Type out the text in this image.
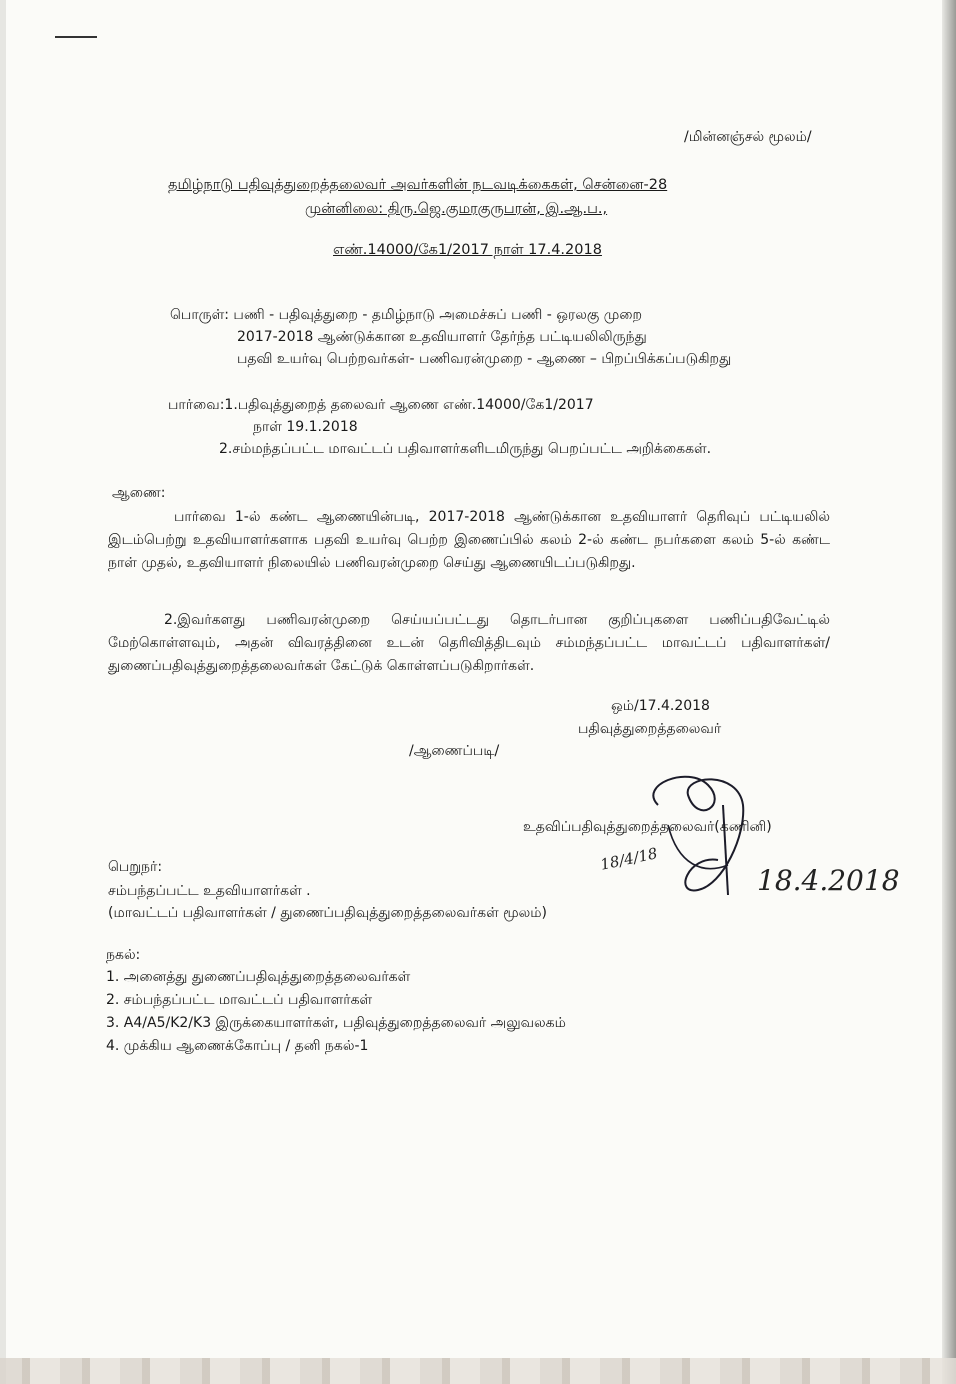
/மின்னஞ்சல் மூலம்/
தமிழ்நாடு பதிவுத்துறைத்தலைவர் அவர்களின் நடவடிக்கைகள், சென்னை-28
முன்னிலை: திரு.ஜெ.குமரகுருபரன், இ.ஆ.ப.,
எண்.14000/கே1/2017 நாள் 17.4.2018
பொருள்: பணி - பதிவுத்துறை - தமிழ்நாடு அமைச்சுப் பணி - ஒரலகு முறை
2017-2018 ஆண்டுக்கான உதவியாளர் தேர்ந்த பட்டியலிலிருந்து
பதவி உயர்வு பெற்றவர்கள்- பணிவரன்முறை - ஆணை – பிறப்பிக்கப்படுகிறது
பார்வை:1.பதிவுத்துறைத் தலைவர் ஆணை எண்.14000/கே1/2017
நாள் 19.1.2018
2.சம்மந்தப்பட்ட மாவட்டப் பதிவாளர்களிடமிருந்து பெறப்பட்ட அறிக்கைகள்.
ஆணை:
பார்வை 1-ல் கண்ட ஆணையின்படி, 2017-2018 ஆண்டுக்கான உதவியாளர் தெரிவுப் பட்டியலில் இடம்பெற்று உதவியாளர்களாக பதவி உயர்வு பெற்ற இணைப்பில் கலம் 2-ல் கண்ட நபர்களை கலம் 5-ல் கண்ட நாள் முதல், உதவியாளர் நிலையில் பணிவரன்முறை செய்து ஆணையிடப்படுகிறது.
2.இவர்களது பணிவரன்முறை செய்யப்பட்டது தொடர்பான குறிப்புகளை பணிப்பதிவேட்டில் மேற்கொள்ளவும், அதன் விவரத்தினை உடன் தெரிவித்திடவும் சம்மந்தப்பட்ட மாவட்டப் பதிவாளர்கள்/ துணைப்பதிவுத்துறைத்தலைவர்கள் கேட்டுக் கொள்ளப்படுகிறார்கள்.
ஒம்/17.4.2018
பதிவுத்துறைத்தலைவர்
/ஆணைப்படி/
உதவிப்பதிவுத்துறைத்தலைவர்(கணினி)
18/4/18
18.4.2018
பெறுநர்:
சம்பந்தப்பட்ட உதவியாளர்கள் .
(மாவட்டப் பதிவாளர்கள் / துணைப்பதிவுத்துறைத்தலைவர்கள் மூலம்)
நகல்:
1. அனைத்து துணைப்பதிவுத்துறைத்தலைவர்கள்
2. சம்பந்தப்பட்ட மாவட்டப் பதிவாளர்கள்
3. A4/A5/K2/K3 இருக்கையாளர்கள், பதிவுத்துறைத்தலைவர் அலுவலகம்
4. முக்கிய ஆணைக்கோப்பு / தனி நகல்-1
